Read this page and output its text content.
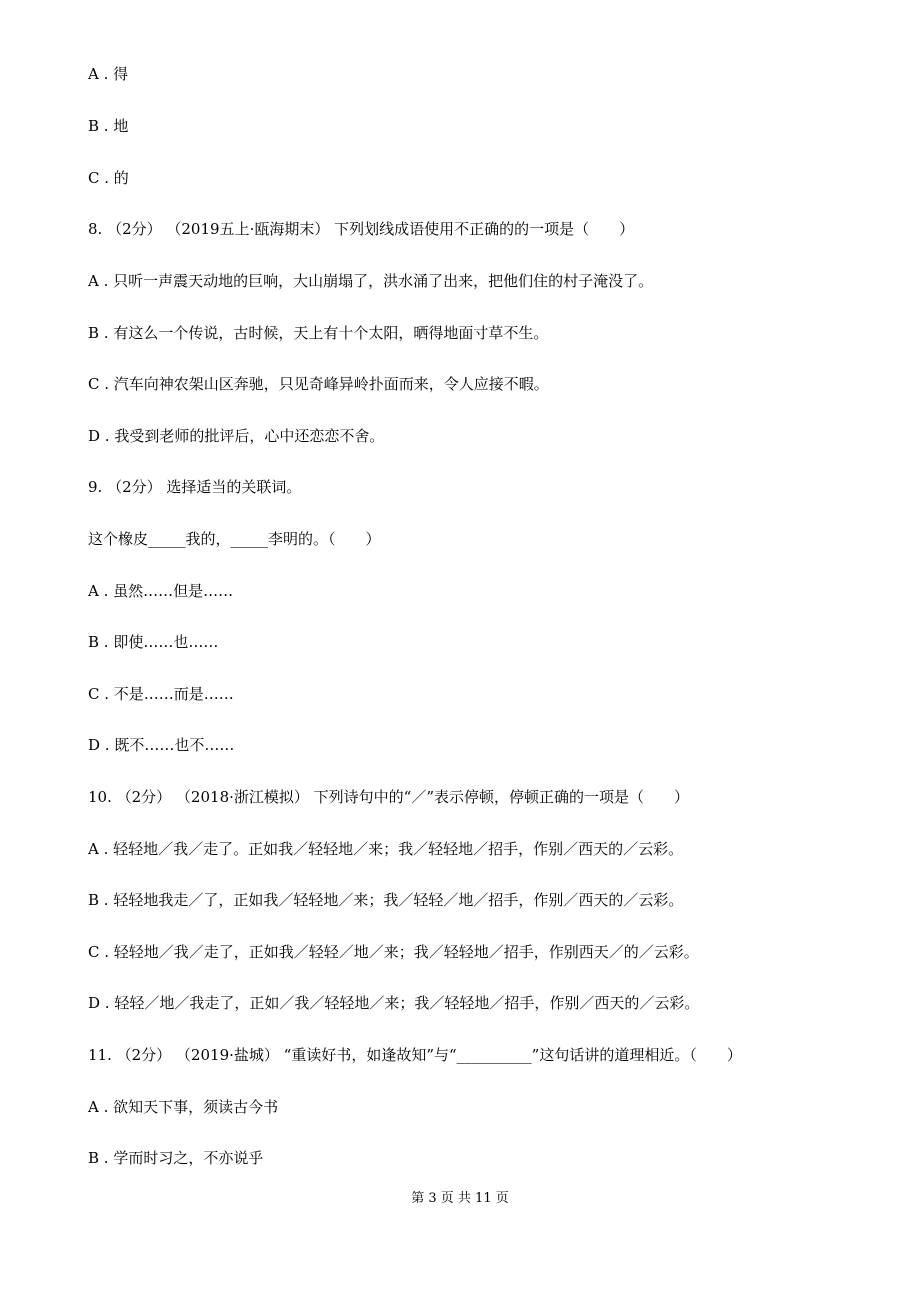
A . 得
B . 地
C . 的
8. （2分） （2019五上·瓯海期末） 下列划线成语使用不正确的的一项是（　　）
A . 只听一声震天动地的巨响，大山崩塌了，洪水涌了出来，把他们住的村子淹没了。
B . 有这么一个传说，古时候，天上有十个太阳，晒得地面寸草不生。
C . 汽车向神农架山区奔驰，只见奇峰异岭扑面而来，令人应接不暇。
D . 我受到老师的批评后，心中还恋恋不舍。
9. （2分） 选择适当的关联词。
这个橡皮_____我的，_____李明的。（　　）
A . 虽然……但是……
B . 即使……也……
C . 不是……而是……
D . 既不……也不……
10. （2分） （2018·浙江模拟） 下列诗句中的“／”表示停顿，停顿正确的一项是（　　）
A . 轻轻地／我／走了。正如我／轻轻地／来；我／轻轻地／招手，作别／西天的／云彩。
B . 轻轻地我走／了，正如我／轻轻地／来；我／轻轻／地／招手，作别／西天的／云彩。
C . 轻轻地／我／走了，正如我／轻轻／地／来；我／轻轻地／招手，作别西天／的／云彩。
D . 轻轻／地／我走了，正如／我／轻轻地／来；我／轻轻地／招手，作别／西天的／云彩。
11. （2分） （2019·盐城） “重读好书，如逢故知”与“__________”这句话讲的道理相近。（　　）
A . 欲知天下事，须读古今书
B . 学而时习之，不亦说乎
第 3 页 共 11 页
